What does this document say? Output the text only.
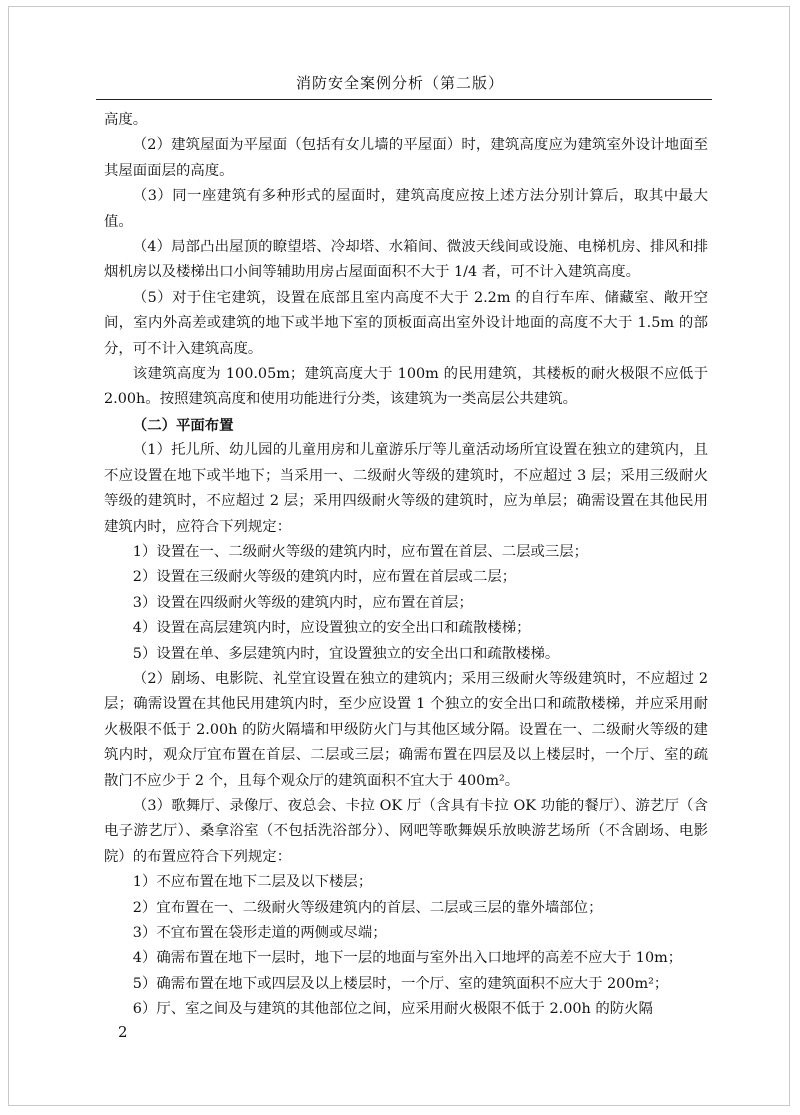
消防安全案例分析（第二版）

高度。

（2）建筑屋面为平屋面（包括有女儿墙的平屋面）时，建筑高度应为建筑室外设计地面至其屋面面层的高度。

（3）同一座建筑有多种形式的屋面时，建筑高度应按上述方法分别计算后，取其中最大值。

（4）局部凸出屋顶的瞭望塔、冷却塔、水箱间、微波天线间或设施、电梯机房、排风和排烟机房以及楼梯出口小间等辅助用房占屋面面积不大于 1/4 者，可不计入建筑高度。

（5）对于住宅建筑，设置在底部且室内高度不大于 2.2m 的自行车库、储藏室、敞开空间，室内外高差或建筑的地下或半地下室的顶板面高出室外设计地面的高度不大于 1.5m 的部分，可不计入建筑高度。

该建筑高度为 100.05m；建筑高度大于 100m 的民用建筑，其楼板的耐火极限不应低于 2.00h。按照建筑高度和使用功能进行分类，该建筑为一类高层公共建筑。

（二）平面布置

（1）托儿所、幼儿园的儿童用房和儿童游乐厅等儿童活动场所宜设置在独立的建筑内，且不应设置在地下或半地下；当采用一、二级耐火等级的建筑时，不应超过 3 层；采用三级耐火等级的建筑时，不应超过 2 层；采用四级耐火等级的建筑时，应为单层；确需设置在其他民用建筑内时，应符合下列规定：

1）设置在一、二级耐火等级的建筑内时，应布置在首层、二层或三层；

2）设置在三级耐火等级的建筑内时，应布置在首层或二层；

3）设置在四级耐火等级的建筑内时，应布置在首层；

4）设置在高层建筑内时，应设置独立的安全出口和疏散楼梯；

5）设置在单、多层建筑内时，宜设置独立的安全出口和疏散楼梯。

（2）剧场、电影院、礼堂宜设置在独立的建筑内；采用三级耐火等级建筑时，不应超过 2 层；确需设置在其他民用建筑内时，至少应设置 1 个独立的安全出口和疏散楼梯，并应采用耐火极限不低于 2.00h 的防火隔墙和甲级防火门与其他区域分隔。设置在一、二级耐火等级的建筑内时，观众厅宜布置在首层、二层或三层；确需布置在四层及以上楼层时，一个厅、室的疏散门不应少于 2 个，且每个观众厅的建筑面积不宜大于 400m²。

（3）歌舞厅、录像厅、夜总会、卡拉 OK 厅（含具有卡拉 OK 功能的餐厅）、游艺厅（含电子游艺厅）、桑拿浴室（不包括洗浴部分）、网吧等歌舞娱乐放映游艺场所（不含剧场、电影院）的布置应符合下列规定：

1）不应布置在地下二层及以下楼层；

2）宜布置在一、二级耐火等级建筑内的首层、二层或三层的靠外墙部位；

3）不宜布置在袋形走道的两侧或尽端；

4）确需布置在地下一层时，地下一层的地面与室外出入口地坪的高差不应大于 10m；

5）确需布置在地下或四层及以上楼层时，一个厅、室的建筑面积不应大于 200m²；

6）厅、室之间及与建筑的其他部位之间，应采用耐火极限不低于 2.00h 的防火隔

2
